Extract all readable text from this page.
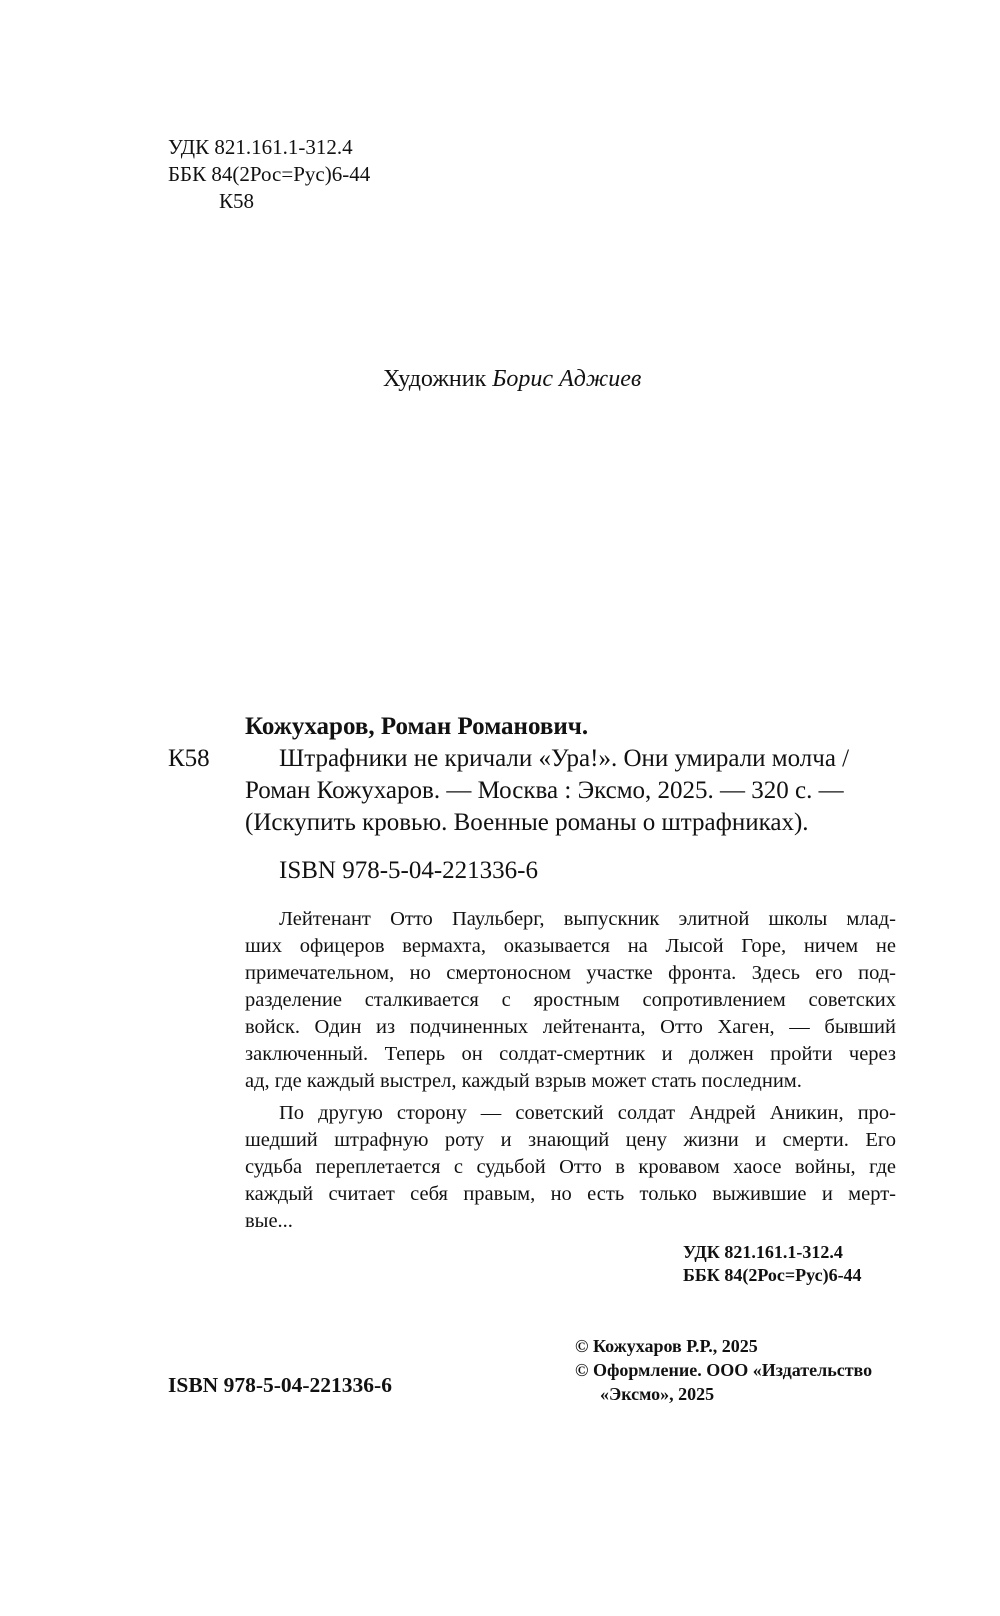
УДК 821.161.1-312.4
ББК 84(2Рос=Рус)6-44
К58
Художник Борис Аджиев
Кожухаров, Роман Романович.
К58	Штрафники не кричали «Ура!». Они умирали молча /
Роман Кожухаров. — Москва : Эксмо, 2025. — 320 с. —
(Искупить кровью. Военные романы о штрафниках).
ISBN 978-5-04-221336-6
Лейтенант Отто Паульберг, выпускник элитной школы млад-
ших офицеров вермахта, оказывается на Лысой Горе, ничем не
примечательном, но смертоносном участке фронта. Здесь его под-
разделение сталкивается с яростным сопротивлением советских
войск. Один из подчиненных лейтенанта, Отто Хаген, — бывший
заключенный. Теперь он солдат-смертник и должен пройти через
ад, где каждый выстрел, каждый взрыв может стать последним.
По другую сторону — советский солдат Андрей Аникин, про-
шедший штрафную роту и знающий цену жизни и смерти. Его
судьба переплетается с судьбой Отто в кровавом хаосе войны, где
каждый считает себя правым, но есть только выжившие и мерт-
вые...
УДК 821.161.1-312.4
ББК 84(2Рос=Рус)6-44
© Кожухаров Р.Р., 2025
© Оформление. ООО «Издательство
«Эксмо», 2025
ISBN 978-5-04-221336-6
